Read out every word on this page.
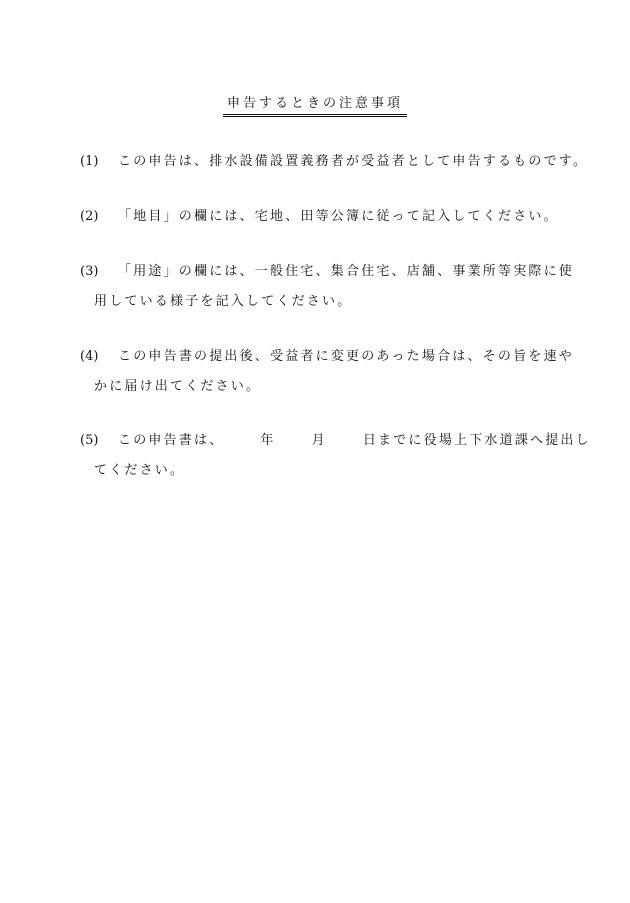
申告するときの注意事項
(1) この申告は、排水設備設置義務者が受益者として申告するものです。
(2) 「地目」の欄には、宅地、田等公簿に従って記入してください。
(3) 「用途」の欄には、一般住宅、集合住宅、店舗、事業所等実際に使
用している様子を記入してください。
(4) この申告書の提出後、受益者に変更のあった場合は、その旨を速や
かに届け出てください。
(5) この申告書は、	年	月	日までに役場上下水道課へ提出し
てください。
